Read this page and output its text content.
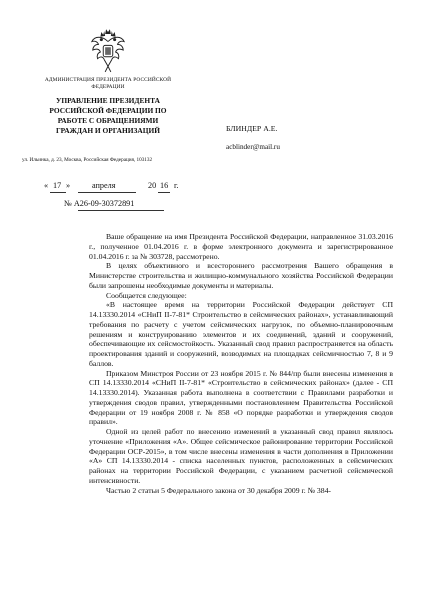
АДМИНИСТРАЦИЯ ПРЕЗИДЕНТА РОССИЙСКОЙ ФЕДЕРАЦИИ
УПРАВЛЕНИЕ ПРЕЗИДЕНТА РОССИЙСКОЙ ФЕДЕРАЦИИ ПО РАБОТЕ С ОБРАЩЕНИЯМИ ГРАЖДАН И ОРГАНИЗАЦИЙ
ул. Ильинка, д. 23, Москва, Российская Федерация, 103132
БЛИНДЕР А.Е.
acblinder@mail.ru
« 17 »	апреля	20 16 г.
№ А26-09-30372891

Ваше обращение на имя Президента Российской Федерации, направленное 31.03.2016 г., полученное 01.04.2016 г. в форме электронного документа и зарегистрированное 01.04.2016 г. за № 303728, рассмотрено.

В целях объективного и всестороннего рассмотрения Вашего обращения в Министерстве строительства и жилищно-коммунального хозяйства Российской Федерации были запрошены необходимые документы и материалы.

Сообщается следующее:

«В настоящее время на территории Российской Федерации действует СП 14.13330.2014 «СНиП II-7-81* Строительство в сейсмических районах», устанавливающий требования по расчету с учетом сейсмических нагрузок, по объемно-планировочным решениям и конструированию элементов и их соединений, зданий и сооружений, обеспечивающие их сейсмостойкость. Указанный свод правил распространяется на область проектирования зданий и сооружений, возводимых на площадках сейсмичностью 7, 8 и 9 баллов.

Приказом Минстроя России от 23 ноября 2015 г. № 844/пр были внесены изменения в СП 14.13330.2014 «СНиП II-7-81* «Строительство в сейсмических районах» (далее - СП 14.13330.2014). Указанная работа выполнена в соответствии с Правилами разработки и утверждения сводов правил, утвержденными постановлением Правительства Российской Федерации от 19 ноября 2008 г. № 858 «О порядке разработки и утверждения сводов правил».

Одной из целей работ по внесению изменений в указанный свод правил являлось уточнение «Приложения «А». Общее сейсмическое районирование территории Российской Федерации ОСР-2015», в том числе внесены изменения в части дополнения в Приложении «А» СП 14.13330.2014 - списка населенных пунктов, расположенных в сейсмических районах на территории Российской Федерации, с указанием расчетной сейсмической интенсивности.

Частью 2 статьи 5 Федерального закона от 30 декабря 2009 г. № 384-
